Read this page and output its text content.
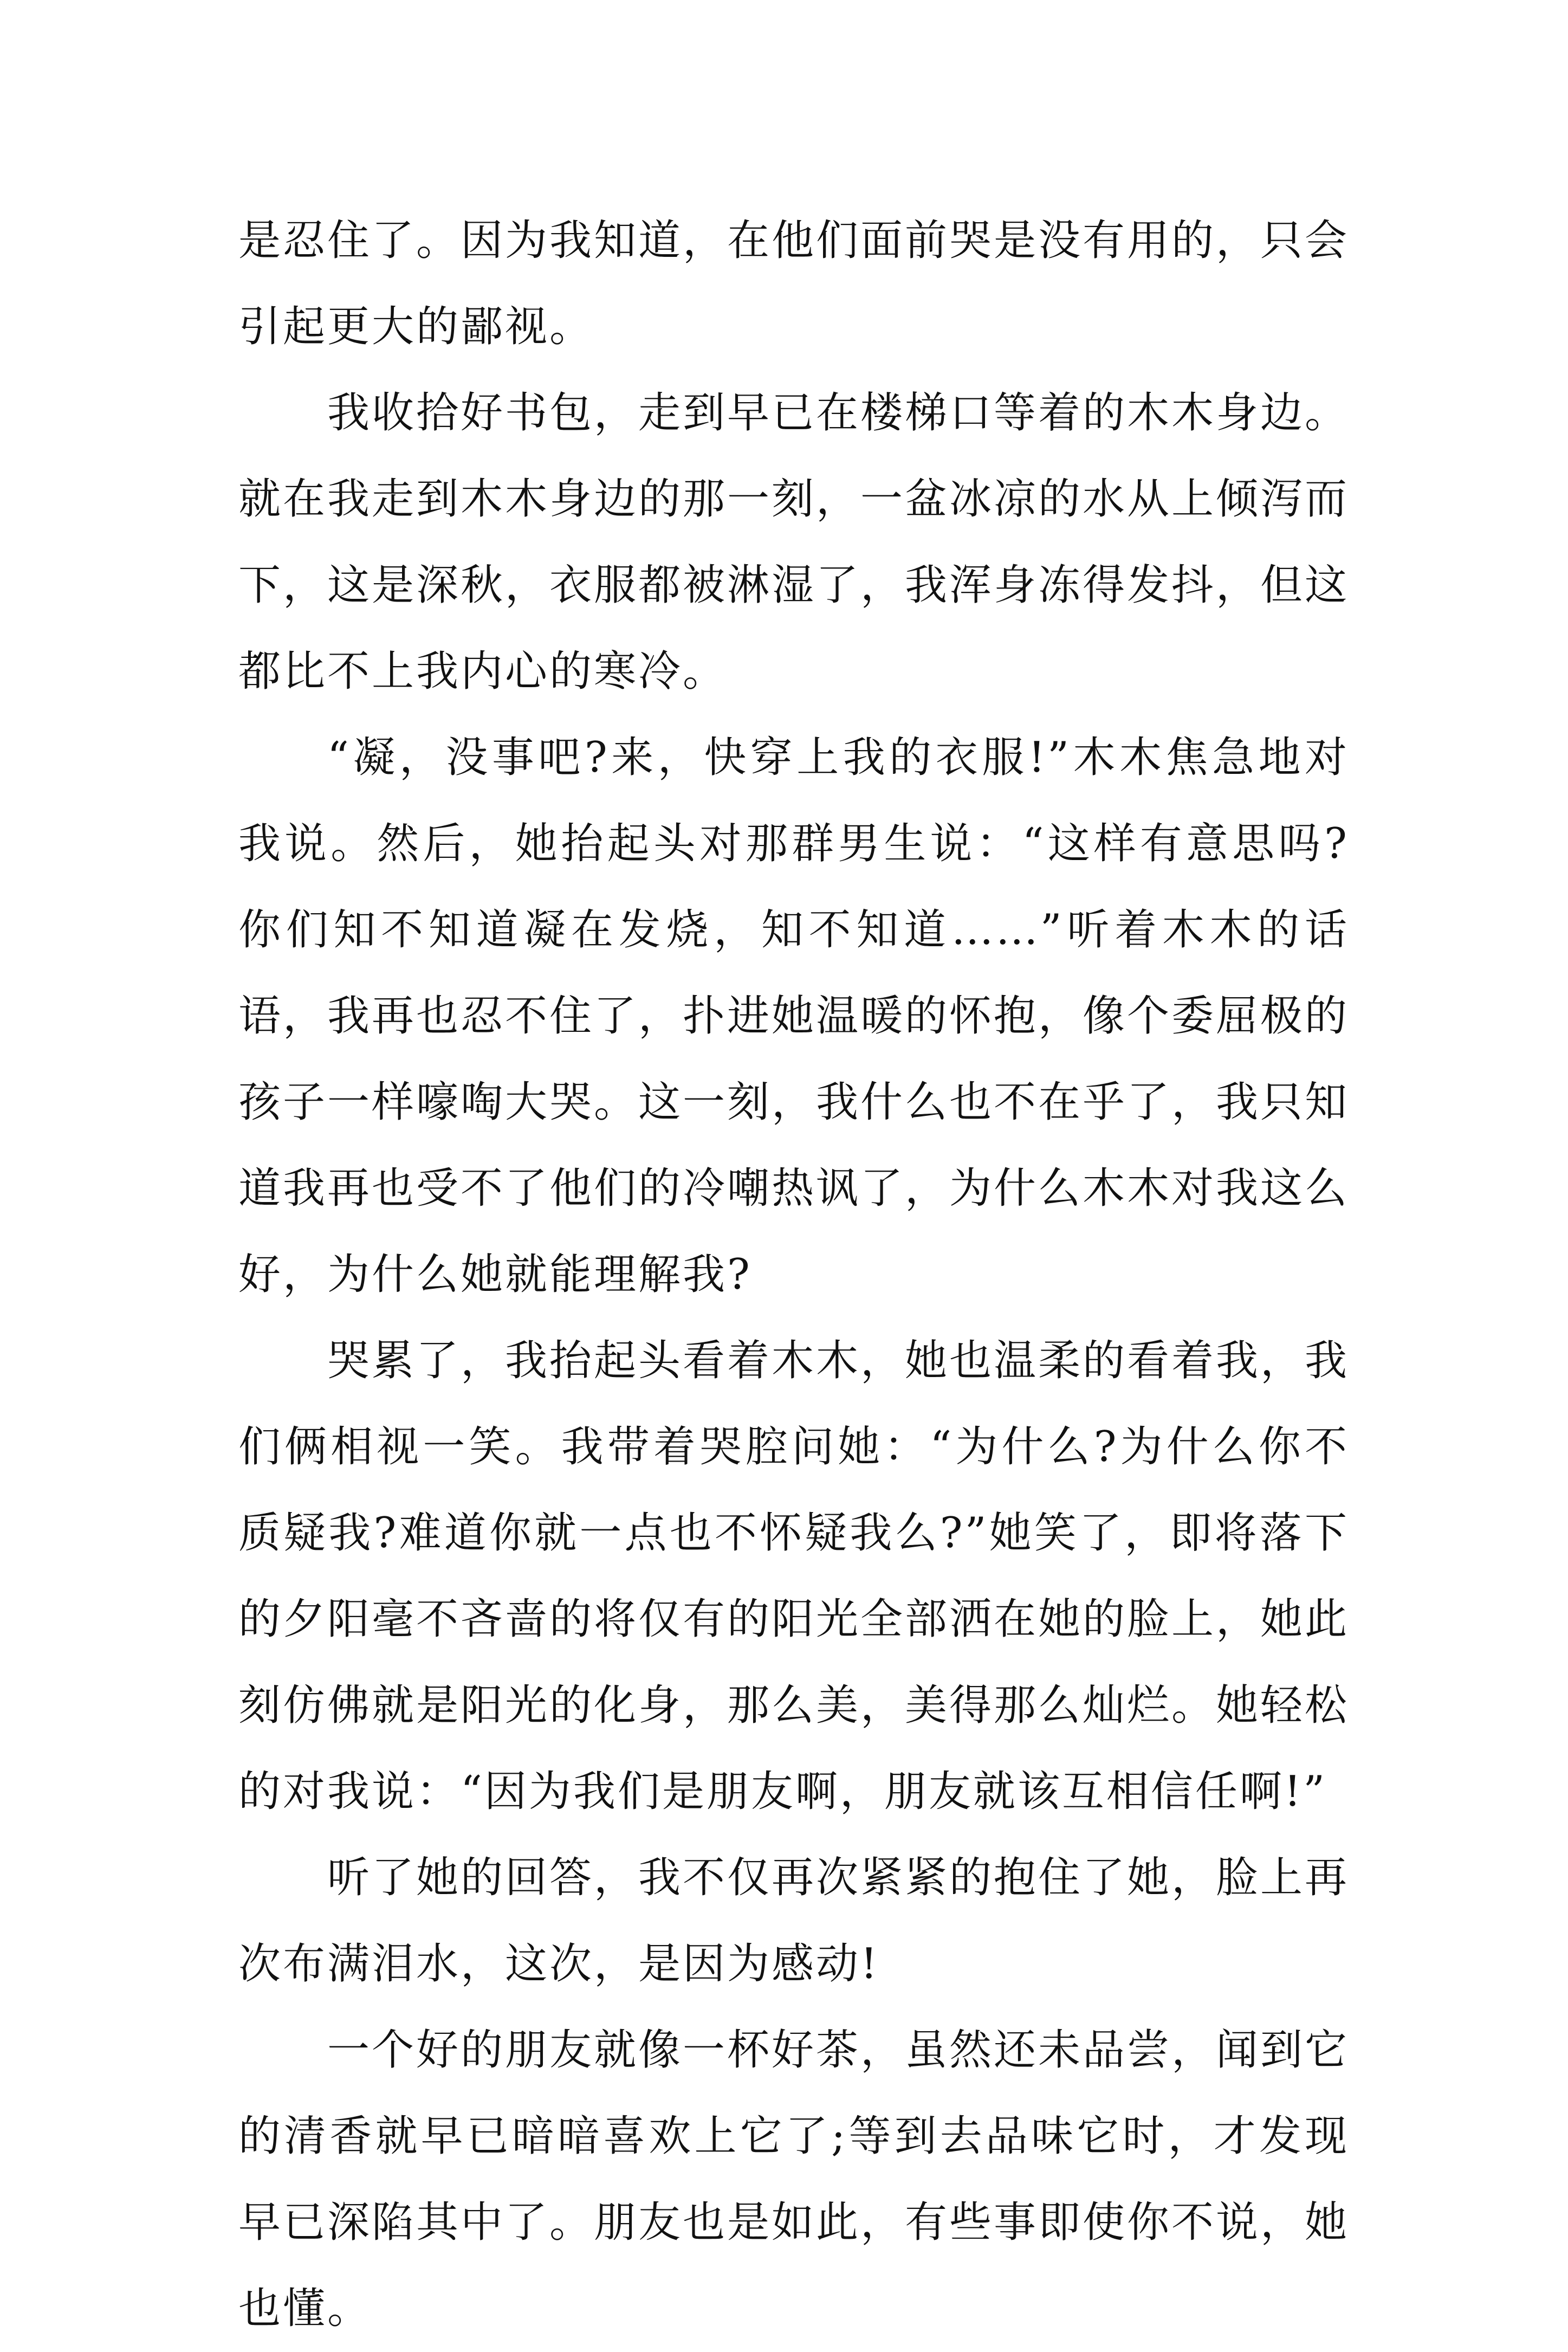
是忍住了。因为我知道，在他们面前哭是没有用的，只会引起更大的鄙视。

我收拾好书包，走到早已在楼梯口等着的木木身边。就在我走到木木身边的那一刻，一盆冰凉的水从上倾泻而下，这是深秋，衣服都被淋湿了，我浑身冻得发抖，但这都比不上我内心的寒冷。

“凝，没事吧?来，快穿上我的衣服!”木木焦急地对我说。然后，她抬起头对那群男生说：“这样有意思吗?你们知不知道凝在发烧，知不知道……”听着木木的话语，我再也忍不住了，扑进她温暖的怀抱，像个委屈极的孩子一样嚎啕大哭。这一刻，我什么也不在乎了，我只知道我再也受不了他们的冷嘲热讽了，为什么木木对我这么好，为什么她就能理解我?

哭累了，我抬起头看着木木，她也温柔的看着我，我们俩相视一笑。我带着哭腔问她：“为什么?为什么你不质疑我?难道你就一点也不怀疑我么?”她笑了，即将落下的夕阳毫不吝啬的将仅有的阳光全部洒在她的脸上，她此刻仿佛就是阳光的化身，那么美，美得那么灿烂。她轻松的对我说：“因为我们是朋友啊，朋友就该互相信任啊!”

听了她的回答，我不仅再次紧紧的抱住了她，脸上再次布满泪水，这次，是因为感动!

一个好的朋友就像一杯好茶，虽然还未品尝，闻到它的清香就早已暗暗喜欢上它了;等到去品味它时，才发现早已深陷其中了。朋友也是如此，有些事即使你不说，她也懂。
